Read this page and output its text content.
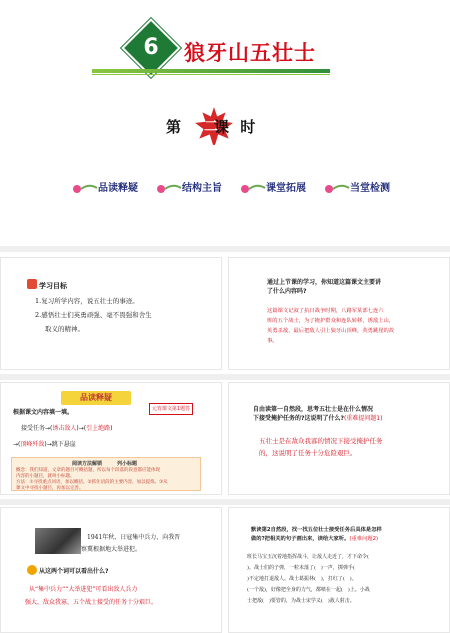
6	狼牙山五壮士
第 课 时
二
品读释疑	结构主旨	课堂拓展	当堂检测
学习目标
1.复习所学内容，说五壮士的事迹。
2.感悟壮士们英勇顽强、毫不畏强和舍生
取义的精神。
通过上节课的学习，你知道这篇课文主要讲
了什么内容吗?
这篇课文记叙了抗日战争时期，八路军某部七连六
班的五个战士，为了掩护群众和连队转移，诱敌上山，
英勇杀敌，最后把敌人引上狼牙山顶峰，英勇跳崖的故
事。
品读释疑
根据课文内容填一填。	元宵课文第1题答
接受任务→(诱击敌人)→(引上绝路)
→(顶峰歼敌)→跳下悬崖
阅读方法解锁　　　列小标题
概念：我们知道，文章的题目可概括题，所以每个段落的段意都应能体现
内容的小题目，就叫小标题。
方法：①寻找重点词语，加以概括。②抓住语段的主要内容，加以提炼。③从
课文中寻找小题目，再加以完善。
自由读第一自然段，思考五壮士是在什么情况
下接受掩护任务的?这说明了什么?(重难提问题1)
五壮士是在敌众我寡的情况下接受掩护任务
的，这说明了任务十分危险艰巨。
1941年秋，日寇集中兵力，向我晋
察冀根据地大举进犯。
从这两个词可以看出什么?
从“集中兵力”“大举进犯”可看出敌人兵力
强大，敌众我寡，五个战士接受的任务十分艰巨。
默读第2自然段，找一找五位壮士接受任务后具体是怎样
做的?把相关的句子画出来，读给大家听。(重难问题2)
班长马宝玉沉着地指挥战斗，让敌人走近了，才下命令(
)。战士们的子弹，一粒未落了(　)一声，掷弹手(
)不定地打退敌人。战士葛振林(　)，打红了(　)。
(一个敌)，好像把全身的力气，都喷在一起(　)上。小战
士把敌(　)要管的，为战士宋学义(　)敌人射击。
